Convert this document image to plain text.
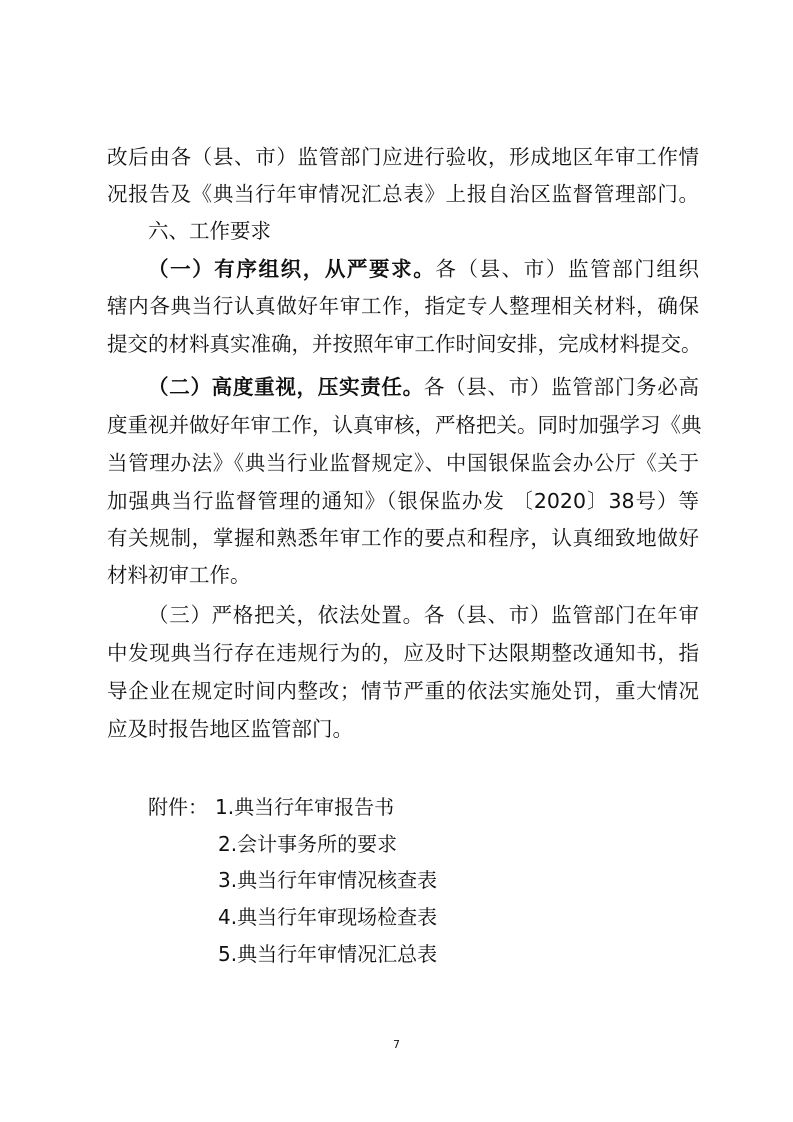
改后由各（县、市）监管部门应进行验收，形成地区年审工作情
况报告及《典当行年审情况汇总表》上报自治区监督管理部门。
六、工作要求
（一）有序组织，从严要求。各（县、市）监管部门组织
辖内各典当行认真做好年审工作，指定专人整理相关材料，确保
提交的材料真实准确，并按照年审工作时间安排，完成材料提交。
（二）高度重视，压实责任。各（县、市）监管部门务必高
度重视并做好年审工作，认真审核，严格把关。同时加强学习《典
当管理办法》《典当行业监督规定》、中国银保监会办公厅《关于
加强典当行监督管理的通知》（银保监办发 〔2020〕38号）等
有关规制，掌握和熟悉年审工作的要点和程序，认真细致地做好
材料初审工作。
（三）严格把关，依法处置。各（县、市）监管部门在年审
中发现典当行存在违规行为的，应及时下达限期整改通知书，指
导企业在规定时间内整改；情节严重的依法实施处罚，重大情况
应及时报告地区监管部门。
附件： 1.典当行年审报告书
2.会计事务所的要求
3.典当行年审情况核查表
4.典当行年审现场检查表
5.典当行年审情况汇总表
7
